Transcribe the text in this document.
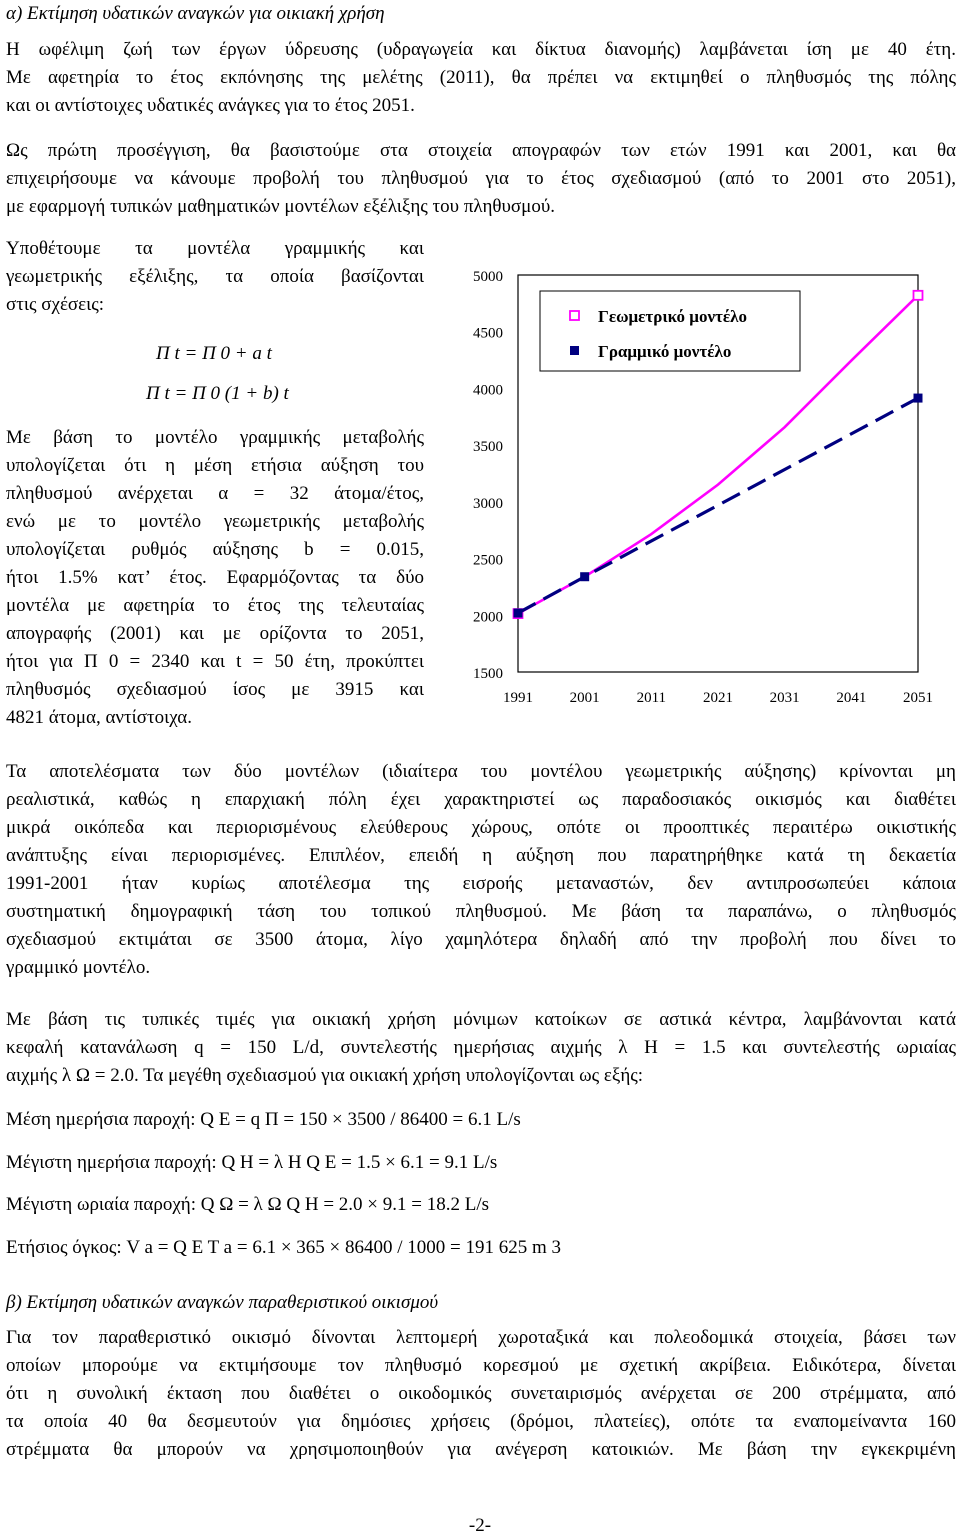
α) Εκτίμηση υδατικών αναγκών για οικιακή χρήση

Η ωφέλιμη ζωή των έργων ύδρευσης (υδραγωγεία και δίκτυα διανομής) λαμβάνεται ίση με 40 έτη.
Με αφετηρία το έτος εκπόνησης της μελέτης (2011), θα πρέπει να εκτιμηθεί ο πληθυσμός της πόλης
και οι αντίστοιχες υδατικές ανάγκες για το έτος 2051.
Ως πρώτη προσέγγιση, θα βασιστούμε στα στοιχεία απογραφών των ετών 1991 και 2001, και θα
επιχειρήσουμε να κάνουμε προβολή του πληθυσμού για το έτος σχεδιασμού (από το 2001 στο 2051),
με εφαρμογή τυπικών μαθηματικών μοντέλων εξέλιξης του πληθυσμού.
Υποθέτουμε τα μοντέλα γραμμικής και
γεωμετρικής εξέλιξης, τα οποία βασίζονται
στις σχέσεις:
Π t = Π 0 + a t
Π t = Π 0 (1 + b) t
Με βάση το μοντέλο γραμμικής μεταβολής
υπολογίζεται ότι η μέση ετήσια αύξηση του
πληθυσμού ανέρχεται α = 32 άτομα/έτος,
ενώ με το μοντέλο γεωμετρικής μεταβολής
υπολογίζεται ρυθμός αύξησης b = 0.015,
ήτοι 1.5% κατ’ έτος. Εφαρμόζοντας τα δύο
μοντέλα με αφετηρία το έτος της τελευταίας
απογραφής (2001) και με ορίζοντα το 2051,
ήτοι για Π 0 = 2340 και t = 50 έτη, προκύπτει
πληθυσμός σχεδιασμού ίσος με 3915 και
4821 άτομα, αντίστοιχα.
Τα αποτελέσματα των δύο μοντέλων (ιδιαίτερα του μοντέλου γεωμετρικής αύξησης) κρίνονται μη
ρεαλιστικά, καθώς η επαρχιακή πόλη έχει χαρακτηριστεί ως παραδοσιακός οικισμός και διαθέτει
μικρά οικόπεδα και περιορισμένους ελεύθερους χώρους, οπότε οι προοπτικές περαιτέρω οικιστικής
ανάπτυξης είναι περιορισμένες. Επιπλέον, επειδή η αύξηση που παρατηρήθηκε κατά τη δεκαετία
1991-2001 ήταν κυρίως αποτέλεσμα της εισροής μεταναστών, δεν αντιπροσωπεύει κάποια
συστηματική δημογραφική τάση του τοπικού πληθυσμού. Με βάση τα παραπάνω, ο πληθυσμός
σχεδιασμού εκτιμάται σε 3500 άτομα, λίγο χαμηλότερα δηλαδή από την προβολή που δίνει το
γραμμικό μοντέλο.
Με βάση τις τυπικές τιμές για οικιακή χρήση μόνιμων κατοίκων σε αστικά κέντρα, λαμβάνονται κατά
κεφαλή κατανάλωση q = 150 L/d, συντελεστής ημερήσιας αιχμής λ Η = 1.5 και συντελεστής ωριαίας
αιχμής λ Ω = 2.0. Τα μεγέθη σχεδιασμού για οικιακή χρήση υπολογίζονται ως εξής:
Μέση ημερήσια παροχή: Q E = q Π = 150 × 3500 / 86400 = 6.1 L/s
Μέγιστη ημερήσια παροχή: Q H = λ H Q E = 1.5 × 6.1 = 9.1 L/s
Μέγιστη ωριαία παροχή: Q Ω = λ Ω Q H = 2.0 × 9.1 = 18.2 L/s
Ετήσιος όγκος: V a = Q E T a = 6.1 × 365 × 86400 / 1000 = 191 625 m 3

β) Εκτίμηση υδατικών αναγκών παραθεριστικού οικισμού

Για τον παραθεριστικό οικισμό δίνονται λεπτομερή χωροταξικά και πολεοδομικά στοιχεία, βάσει των
οποίων μπορούμε να εκτιμήσουμε τον πληθυσμό κορεσμού με σχετική ακρίβεια. Ειδικότερα, δίνεται
ότι η συνολική έκταση που διαθέτει ο οικοδομικός συνεταιρισμός ανέρχεται σε 200 στρέμματα, από
τα οποία 40 θα δεσμευτούν για δημόσιες χρήσεις (δρόμοι, πλατείες), οπότε τα εναπομείναντα 160
στρέμματα θα μπορούν να χρησιμοποιηθούν για ανέγερση κατοικιών. Με βάση την εγκεκριμένη
-2-
1500
2000
2500
3000
3500
4000
4500
5000
1991 2001 2011 2021 2031 2041 2051
Γεωμετρικό μοντέλο
Γραμμικό μοντέλο
